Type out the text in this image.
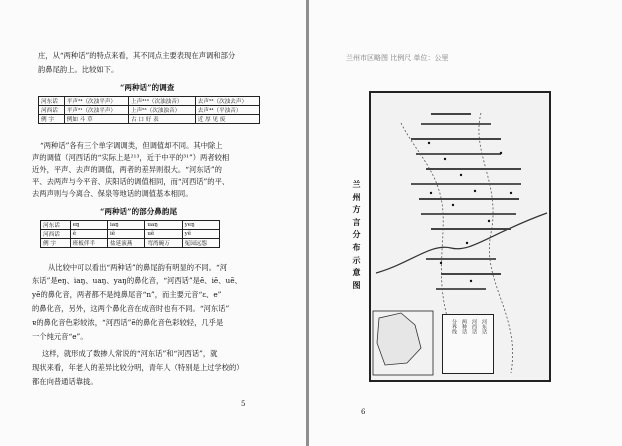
庄，从“两种话”的特点来看，其不同点主要表现在声调和部分
韵鼻尾韵上。比较如下。
“两种话”的调查
河东话	平声²⁴（次浊平声）	上声³¹³（次浊浊音）	去声⁵³（次浊去声）
河西话	平声²¹（次浊平声）	上声⁵³（次浊浊音）	去声⁴⁴（平浊音）
例 字	例如 斗 草	古 口 好 表	近 厚 见 废
“两种话”各有三个单字调调类，但调值却不同。其中除上
声的调值（河西话的“实际上是²¹³，近于中平的³¹”）两者较相
近外，平声、去声的调值，两者的差异则很大。“河东话”的
平、去两声与今平音、庆阳话的调值相同，而“河西话”的平、
去两声则与今离合、保泉等地话的调值基本相同。
“两种话”的部分鼻韵尾
河东话	eŋ	iaŋ	uaŋ	yeŋ
河西话	ẽ	iẽ	uẽ	yẽ
例 字	班板伴半	盐延演燕	弯湾碗万	冤园远怨
从比较中可以看出“两种话”的鼻尾韵有明显的不同。“河
东话”是eŋ、iaŋ、uaŋ、yaŋ的鼻化音，“河西话”是ẽ、iẽ、uẽ、
yẽ的鼻化音，两者都不是纯鼻尾音“n”，而主要元音“ɛ、e”
的鼻化音，另外，这两个鼻化音在成音时也有不同。“河东话”
ɐ的鼻化音色彩较浓，“河西话”ẽ的鼻化音色彩较轻，几乎是
一个纯元音“e”。
这样，就形成了数掺人常说的“河东话”和“河西话”，就
现状来看，年老人的差异比较分明，青年人（特别是上过学校的）
都在向普通话靠拢。
5
兰州市区略图 比例尺 单位：公里
兰州方言分布示意图
河东话
河西话
两种话
分界线
6
